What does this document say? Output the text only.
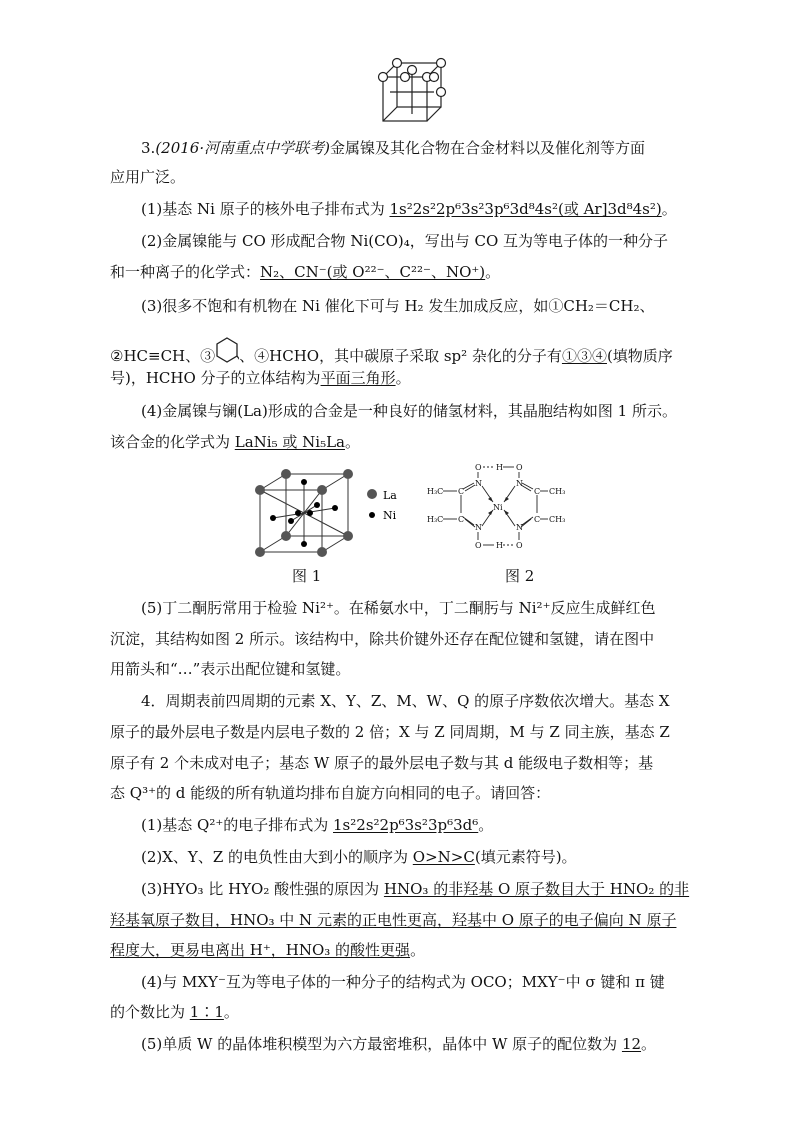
3.(2016·河南重点中学联考)金属镍及其化合物在合金材料以及催化剂等方面
应用广泛。
(1)基态 Ni 原子的核外电子排布式为 1s²2s²2p⁶3s²3p⁶3d⁸4s²(或 Ar]3d⁸4s²)。
(2)金属镍能与 CO 形成配合物 Ni(CO)₄，写出与 CO 互为等电子体的一种分子
和一种离子的化学式：N₂、CN⁻(或 O²²⁻、C²²⁻、NO⁺)。
(3)很多不饱和有机物在 Ni 催化下可与 H₂ 发生加成反应，如①CH₂＝CH₂、
②HC≡CH、③ 、④HCHO，其中碳原子采取 sp² 杂化的分子有①③④(填物质序
号)，HCHO 分子的立体结构为平面三角形。
(4)金属镍与镧(La)形成的合金是一种良好的储氢材料，其晶胞结构如图 1 所示。
该合金的化学式为 LaNi₅ 或 Ni₅La。
La
Ni
H₃C
H₃C
CH₃
CH₃
C
C
C
C
N
N
N
N
O
O
O
O
H
H
Ni
图 1	图 2
(5)丁二酮肟常用于检验 Ni²⁺。在稀氨水中，丁二酮肟与 Ni²⁺反应生成鲜红色
沉淀，其结构如图 2 所示。该结构中，除共价键外还存在配位键和氢键，请在图中
用箭头和“…”表示出配位键和氢键。
4．周期表前四周期的元素 X、Y、Z、M、W、Q 的原子序数依次增大。基态 X
原子的最外层电子数是内层电子数的 2 倍；X 与 Z 同周期，M 与 Z 同主族，基态 Z
原子有 2 个未成对电子；基态 W 原子的最外层电子数与其 d 能级电子数相等；基
态 Q³⁺的 d 能级的所有轨道均排布自旋方向相同的电子。请回答：
(1)基态 Q²⁺的电子排布式为 1s²2s²2p⁶3s²3p⁶3d⁶。
(2)X、Y、Z 的电负性由大到小的顺序为 O>N>C(填元素符号)。
(3)HYO₃ 比 HYO₂ 酸性强的原因为 HNO₃ 的非羟基 O 原子数目大于 HNO₂ 的非
羟基氧原子数目，HNO₃ 中 N 元素的正电性更高，羟基中 O 原子的电子偏向 N 原子
程度大，更易电离出 H⁺，HNO₃ 的酸性更强。
(4)与 MXY⁻互为等电子体的一种分子的结构式为 OCO；MXY⁻中 σ 键和 π 键
的个数比为 1∶1。
(5)单质 W 的晶体堆积模型为六方最密堆积，晶体中 W 原子的配位数为 12。
